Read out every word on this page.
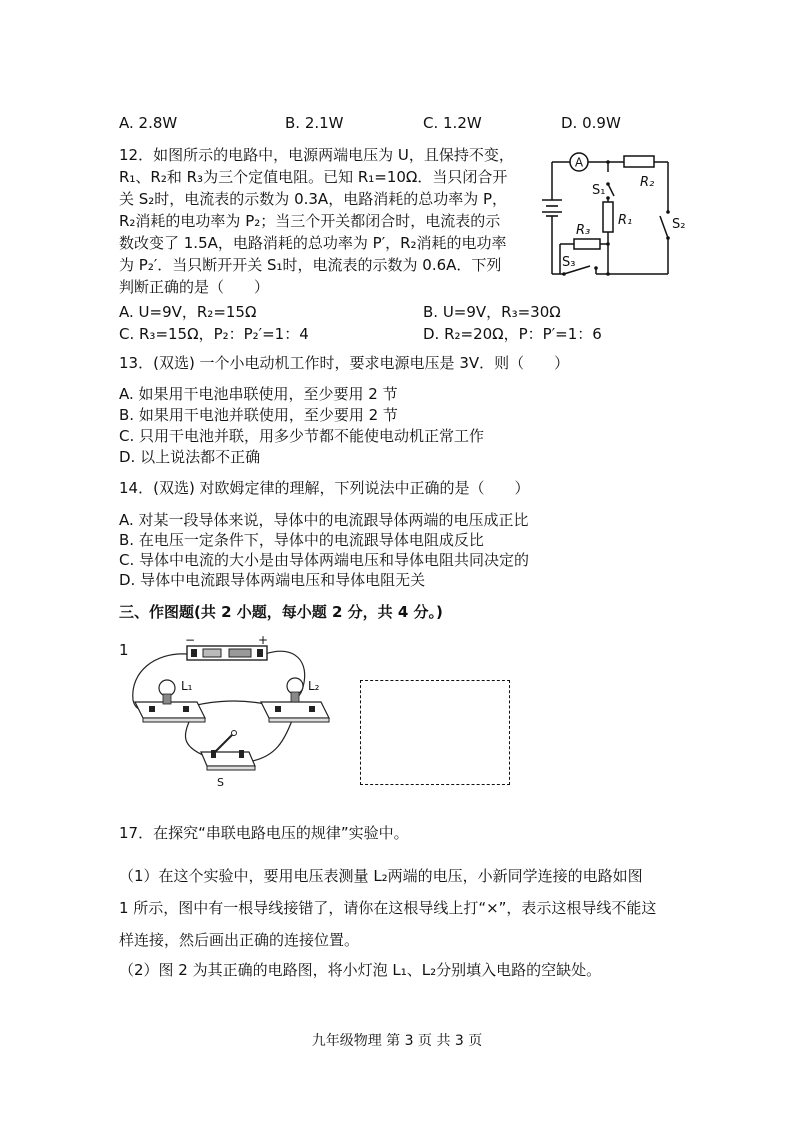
A. 2.8W	B. 2.1W	C. 1.2W	D. 0.9W
12．如图所示的电路中，电源两端电压为 U，且保持不变，
R₁、R₂和 R₃为三个定值电阻。已知 R₁=10Ω．当只闭合开
关 S₂时，电流表的示数为 0.3A，电路消耗的总功率为 P，
R₂消耗的电功率为 P₂；当三个开关都闭合时，电流表的示
数改变了 1.5A，电路消耗的总功率为 P′，R₂消耗的电功率
为 P₂′．当只断开开关 S₁时，电流表的示数为 0.6A．下列
判断正确的是（　　）
A
R₂
S₁
R₁
R₃	S₂
S₃
A. U=9V，R₂=15Ω	B. U=9V，R₃=30Ω
C. R₃=15Ω，P₂：P₂′=1：4	D. R₂=20Ω，P：P′=1：6
13．(双选) 一个小电动机工作时，要求电源电压是 3V．则（　　）
A. 如果用干电池串联使用，至少要用 2 节
B. 如果用干电池并联使用，至少要用 2 节
C. 只用干电池并联，用多少节都不能使电动机正常工作
D. 以上说法都不正确
14．(双选) 对欧姆定律的理解，下列说法中正确的是（　　）
A. 对某一段导体来说，导体中的电流跟导体两端的电压成正比
B. 在电压一定条件下，导体中的电流跟导体电阻成反比
C. 导体中电流的大小是由导体两端电压和导体电阻共同决定的
D. 导体中电流跟导体两端电压和导体电阻无关
三、作图题(共 2 小题，每小题 2 分，共 4 分。)
1
−	+
L₁	L₂
S
17．在探究“串联电路电压的规律”实验中。
（1）在这个实验中，要用电压表测量 L₂两端的电压，小新同学连接的电路如图
1 所示，图中有一根导线接错了，请你在这根导线上打“×”，表示这根导线不能这
样连接，然后画出正确的连接位置。
（2）图 2 为其正确的电路图，将小灯泡 L₁、L₂分别填入电路的空缺处。
九年级物理 第 3 页 共 3 页
